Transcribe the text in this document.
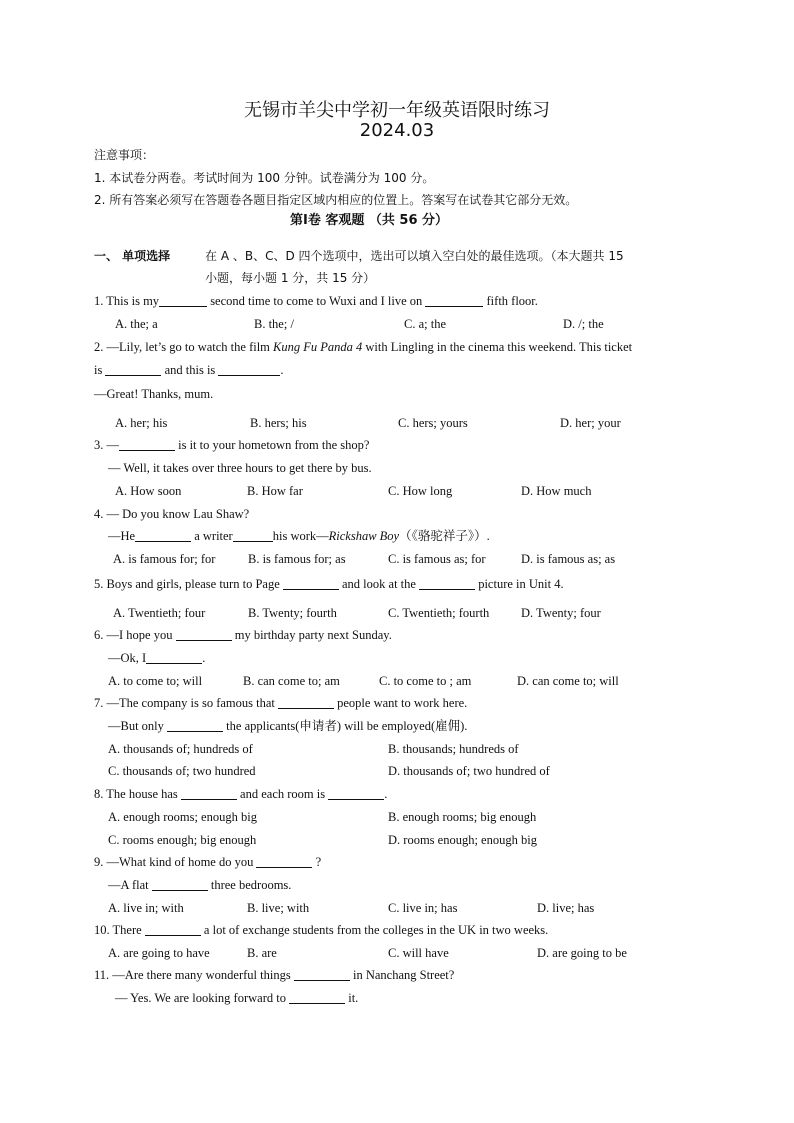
无锡市羊尖中学初一年级英语限时练习
2024.03
注意事项：
1. 本试卷分两卷。考试时间为 100 分钟。试卷满分为 100 分。
2. 所有答案必须写在答题卷各题目指定区域内相应的位置上。答案写在试卷其它部分无效。
第Ⅰ卷 客观题 （共 56 分）
一、 单项选择	在 A 、B、C、D 四个选项中，选出可以填入空白处的最佳选项。（本大题共 15
小题，每小题 1 分，共 15 分）
1. This is my	second time to come to Wuxi and I live on	fifth floor.
A. the; a	B. the; /	C. a; the	D. /; the
2. —Lily, let’s go to watch the film Kung Fu Panda 4 with Lingling in the cinema this weekend. This ticket
is	and this is	.
—Great! Thanks, mum.
A. her; his	B. hers; his	C. hers; yours	D. her; your
3. —	is it to your hometown from the shop?
— Well, it takes over three hours to get there by bus.
A. How soon	B. How far	C. How long	D. How much
4. — Do you know Lau Shaw?
—He	a writer	his work—Rickshaw Boy（《骆驼祥子》）.
A. is famous for; for	B. is famous for; as	C. is famous as; for	D. is famous as; as
5. Boys and girls, please turn to Page	and look at the	picture in Unit 4.
A. Twentieth; four	B. Twenty; fourth	C. Twentieth; fourth	D. Twenty; four
6. —I hope you	my birthday party next Sunday.
—Ok, I	.
A. to come to; will	B. can come to; am	C. to come to ; am	D. can come to; will
7. —The company is so famous that	people want to work here.
—But only	the applicants(申请者) will be employed(雇佣).
A. thousands of; hundreds of	B. thousands; hundreds of
C. thousands of; two hundred	D. thousands of; two hundred of
8. The house has	and each room is	.
A. enough rooms; enough big	B. enough rooms; big enough
C. rooms enough; big enough	D. rooms enough; enough big
9. —What kind of home do you	?
—A flat	three bedrooms.
A. live in; with	B. live; with	C. live in; has	D. live; has
10. There	a lot of exchange students from the colleges in the UK in two weeks.
A. are going to have	B. are	C. will have	D. are going to be
11. —Are there many wonderful things	in Nanchang Street?
— Yes. We are looking forward to	it.
